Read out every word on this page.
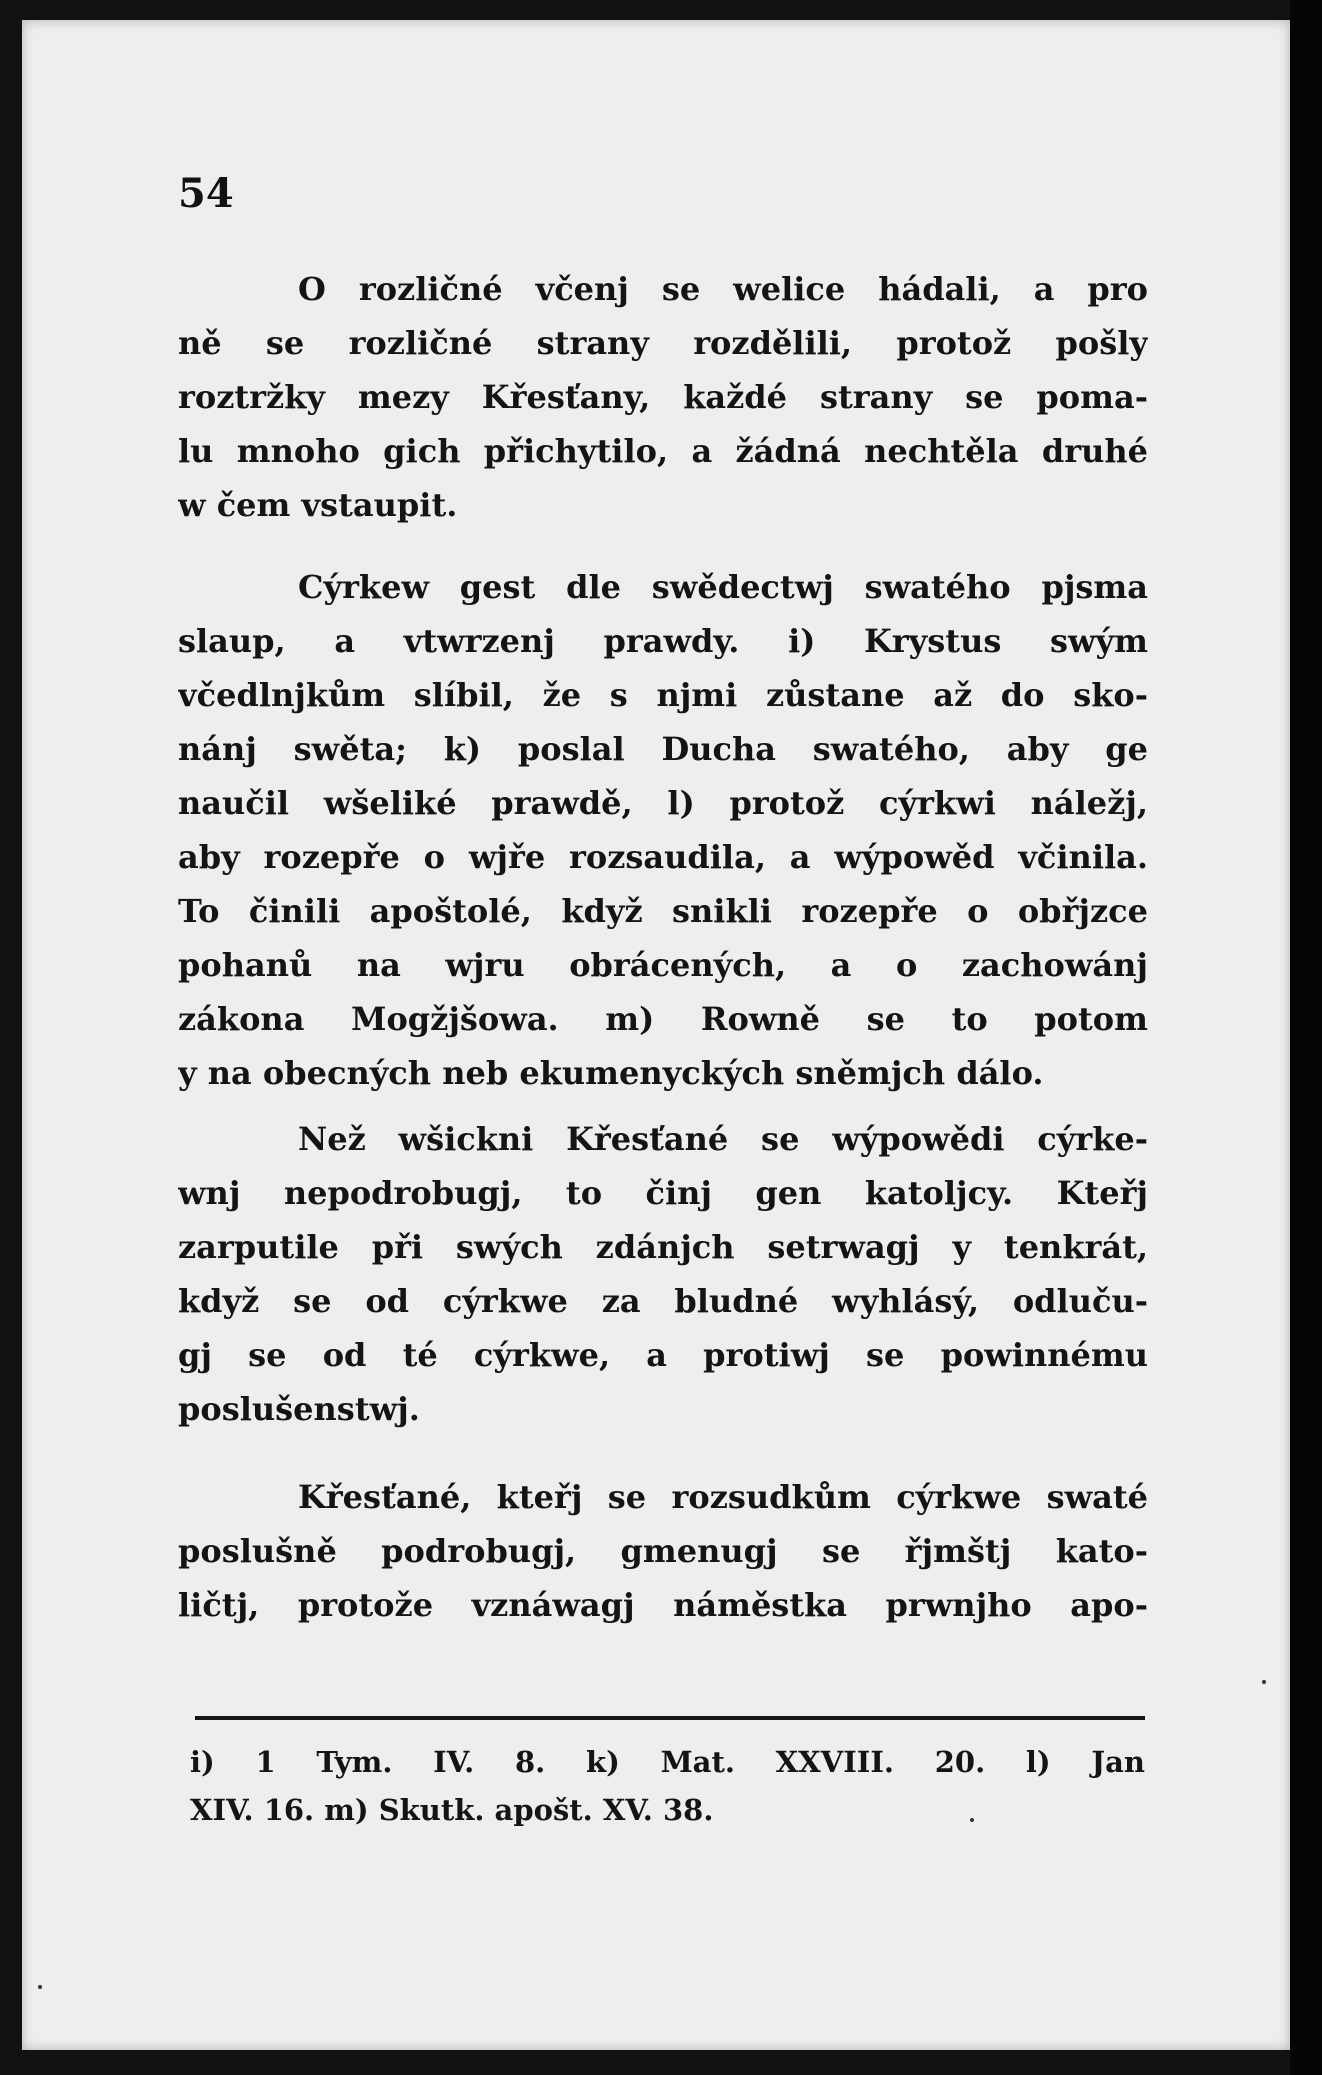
54
O rozličné včenj se welice hádali, a pro
ně se rozličné strany rozdělili, protož pošly
roztržky mezy Křesťany, každé strany se poma-
lu mnoho gich přichytilo, a žádná nechtěla druhé
w čem vstaupit.
Cýrkew gest dle swědectwj swatého pjsma
slaup, a vtwrzenj prawdy. i) Krystus swým
včedlnjkům slíbil, že s njmi zůstane až do sko-
nánj swěta; k) poslal Ducha swatého, aby ge
naučil wšeliké prawdě, l) protož cýrkwi náležj,
aby rozepře o wjře rozsaudila, a wýpowěd včinila.
To činili apoštolé, když snikli rozepře o obřjzce
pohanů na wjru obrácených, a o zachowánj
zákona Mogžjšowa. m) Rowně se to potom
y na obecných neb ekumenyckých sněmjch dálo.
Než wšickni Křesťané se wýpowědi cýrke-
wnj nepodrobugj, to činj gen katoljcy. Kteřj
zarputile při swých zdánjch setrwagj y tenkrát,
když se od cýrkwe za bludné wyhlásý, odluču-
gj se od té cýrkwe, a protiwj se powinnému
poslušenstwj.
Křesťané, kteřj se rozsudkům cýrkwe swaté
poslušně podrobugj, gmenugj se řjmštj kato-
ličtj, protože vznáwagj náměstka prwnjho apo-
i) 1 Tym. IV. 8. k) Mat. XXVIII. 20. l) Jan
XIV. 16. m) Skutk. apošt. XV. 38.
